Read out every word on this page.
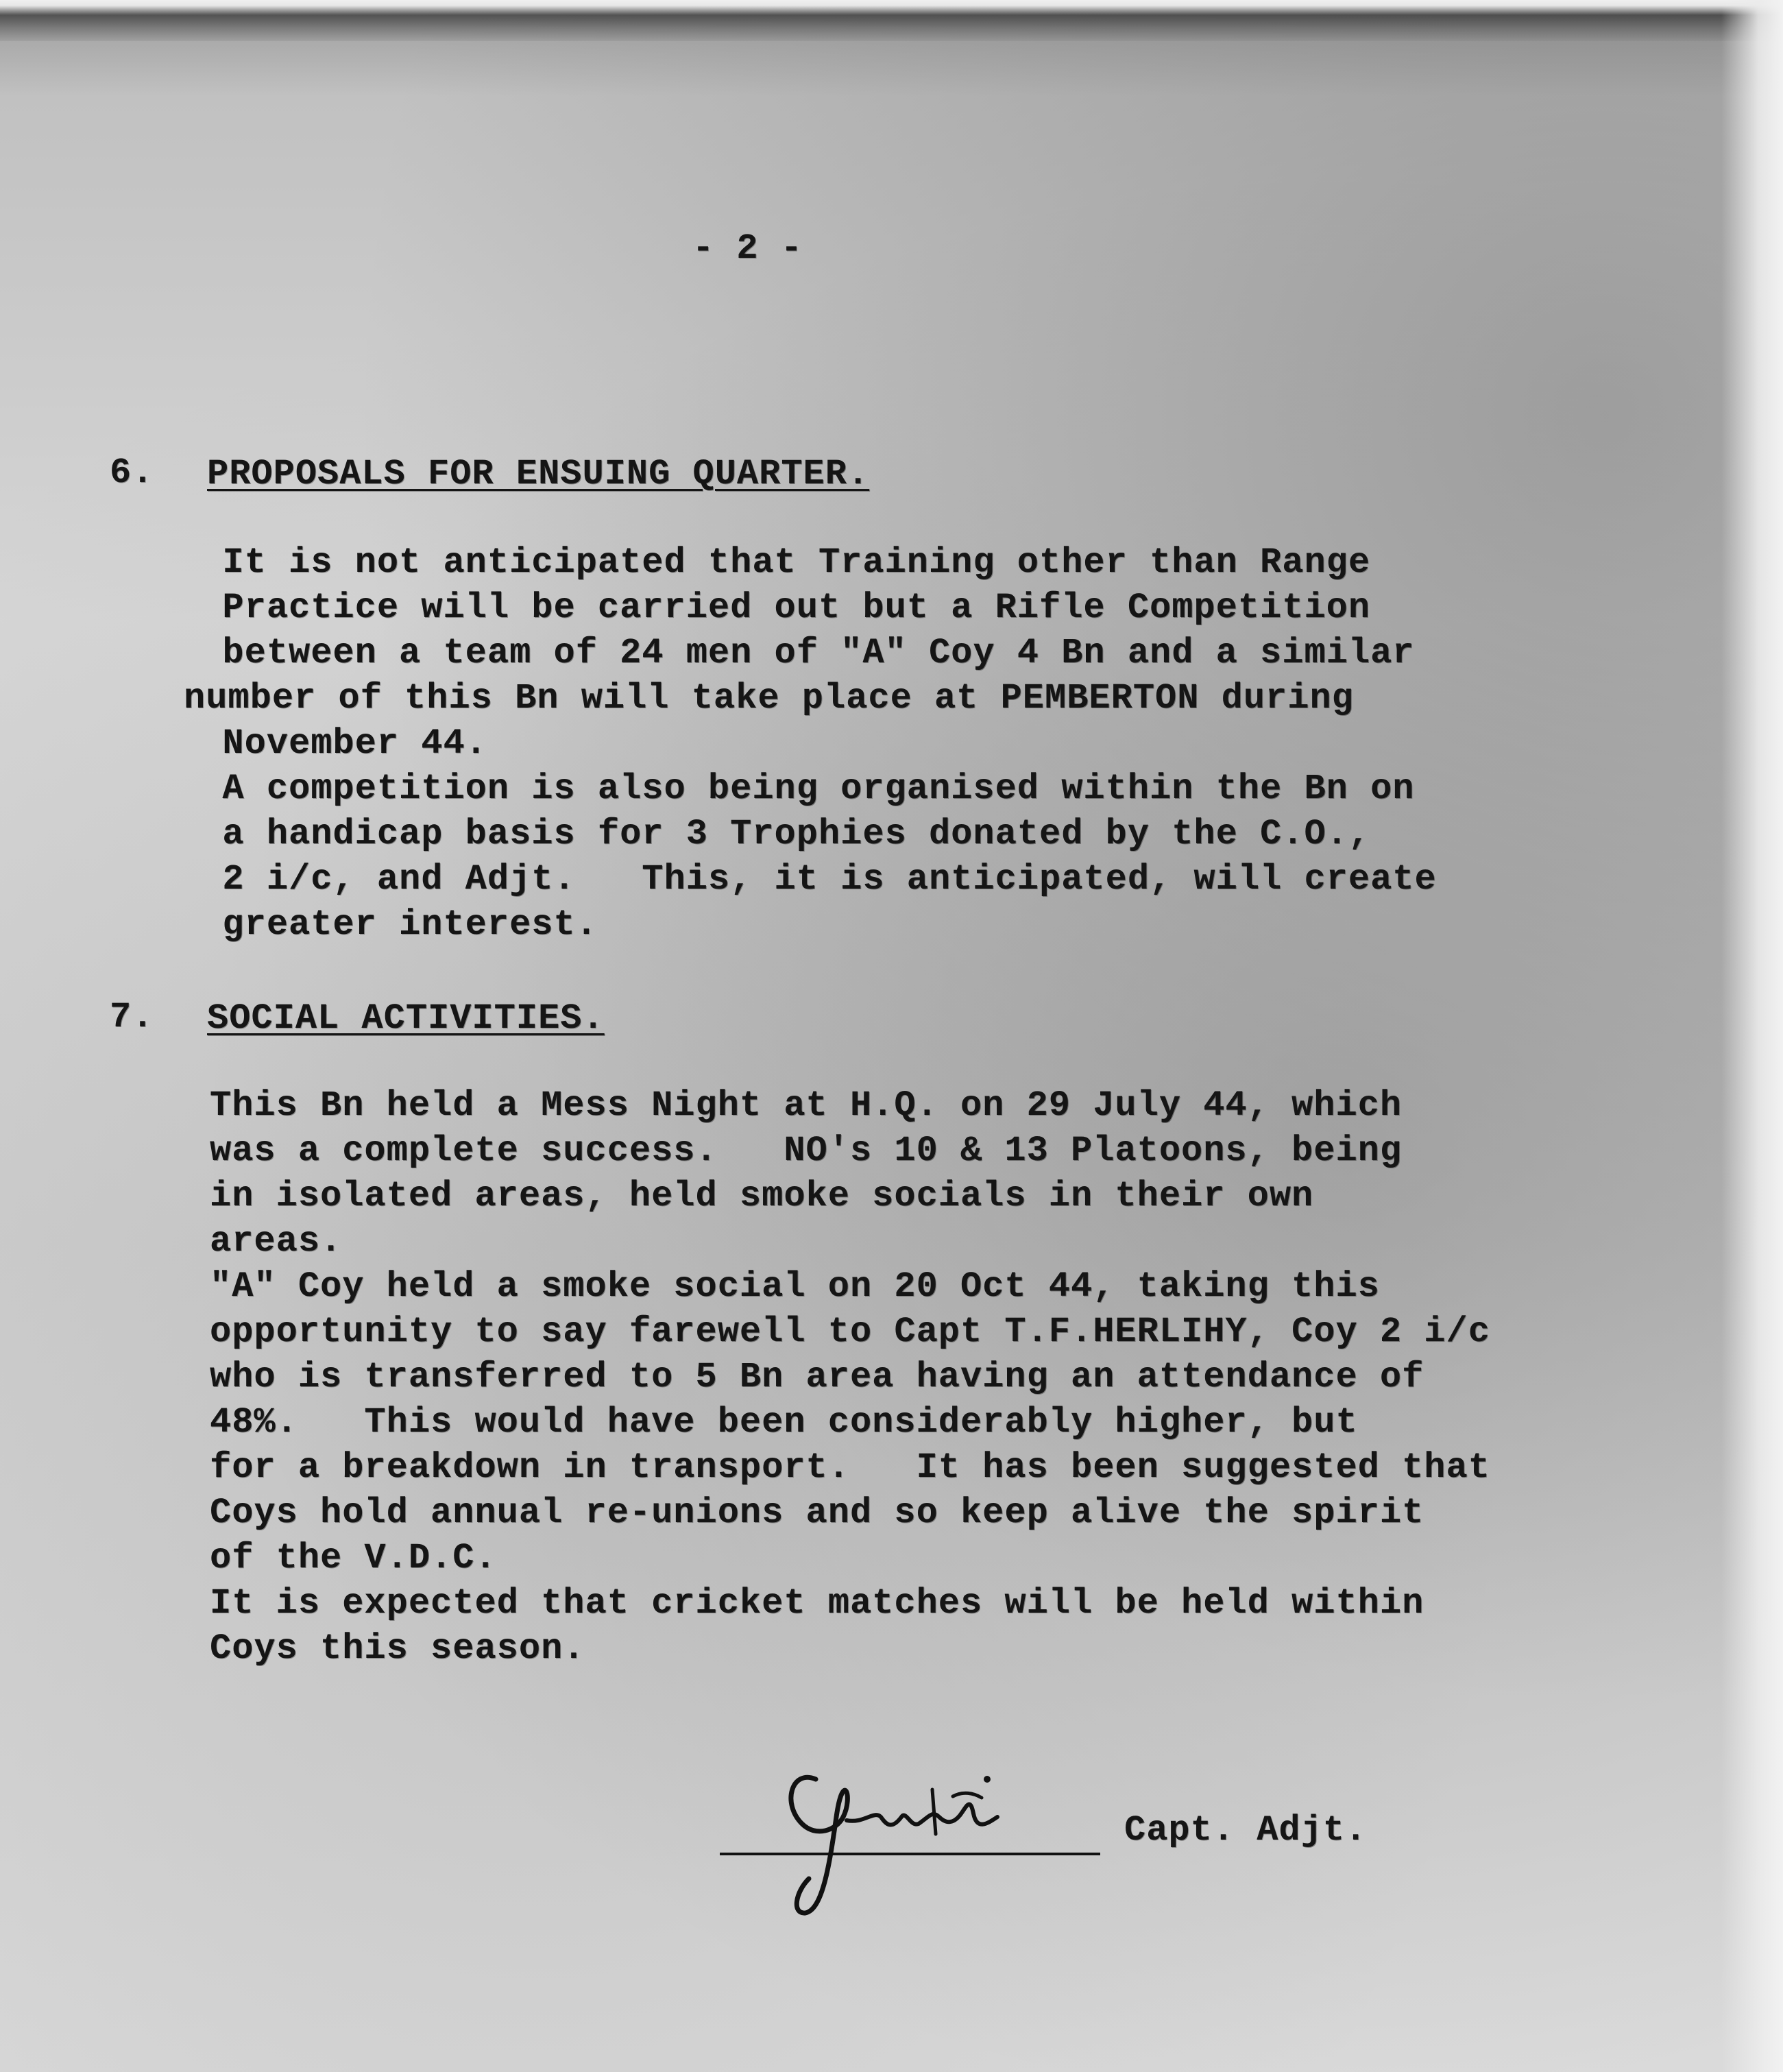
- 2 -

6. PROPOSALS FOR ENSUING QUARTER.

It is not anticipated that Training other than Range

Practice will be carried out but a Rifle Competition

between a team of 24 men of "A" Coy 4 Bn and a similar

number of this Bn will take place at PEMBERTON during

November 44.

A competition is also being organised within the Bn on

a handicap basis for 3 Trophies donated by the C.O.,

2 i/c, and Adjt.   This, it is anticipated, will create

greater interest.

7. SOCIAL ACTIVITIES.

This Bn held a Mess Night at H.Q. on 29 July 44, which

was a complete success.   NO's 10 & 13 Platoons, being

in isolated areas, held smoke socials in their own

areas.

"A" Coy held a smoke social on 20 Oct 44, taking this

opportunity to say farewell to Capt T.F.HERLIHY, Coy 2 i/c

who is transferred to 5 Bn area having an attendance of

48%.   This would have been considerably higher, but

for a breakdown in transport.   It has been suggested that

Coys hold annual re-unions and so keep alive the spirit

of the V.D.C.

It is expected that cricket matches will be held within

Coys this season.

Capt. Adjt.
